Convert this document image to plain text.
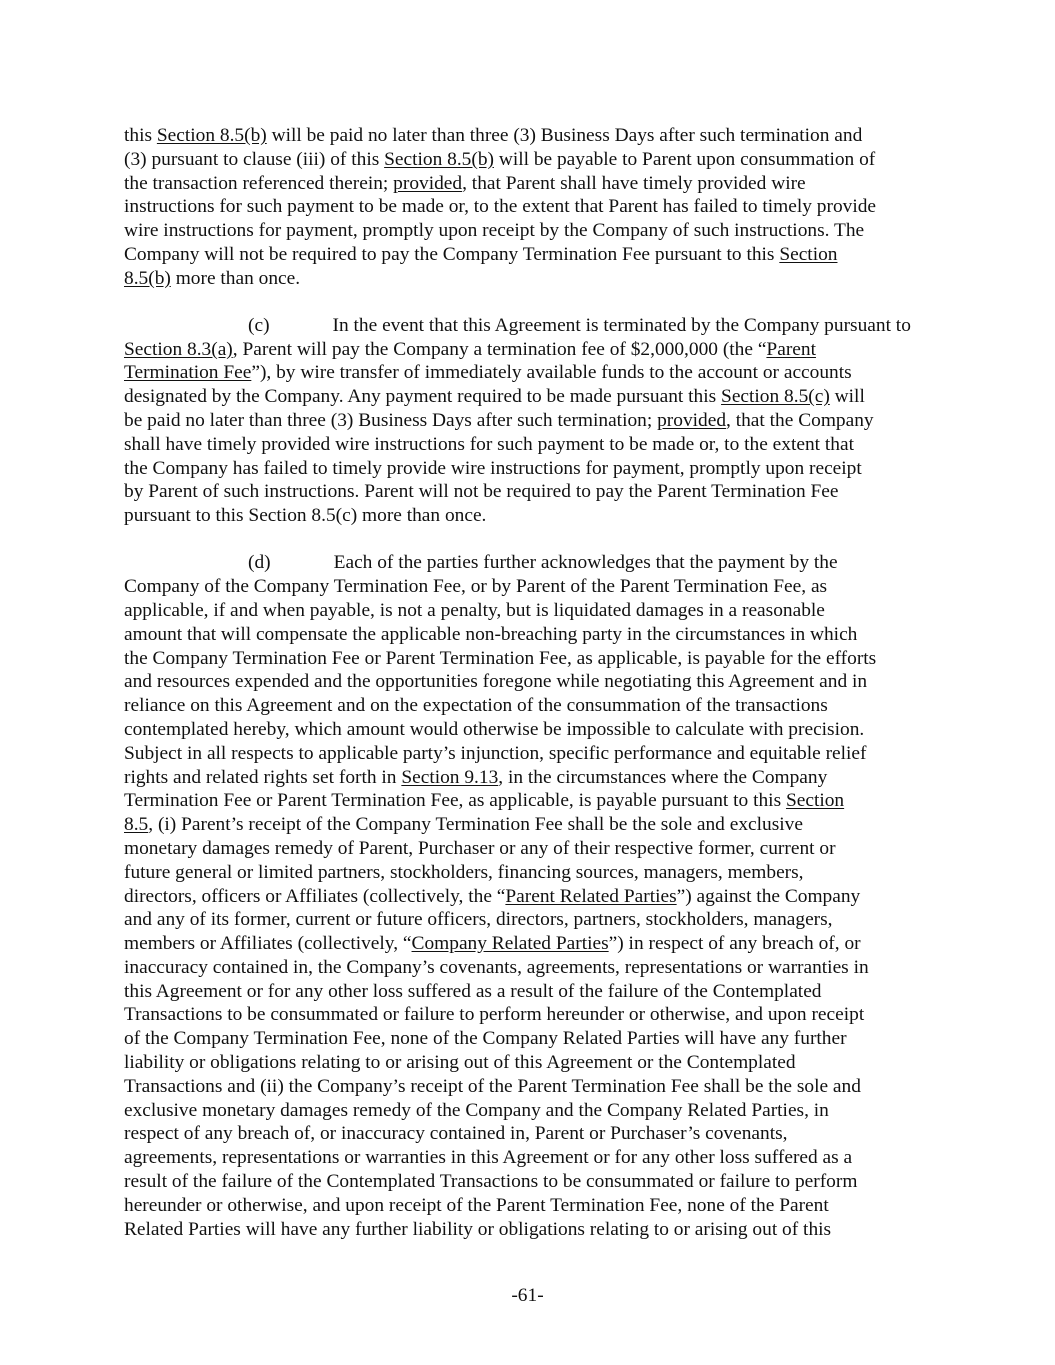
this Section 8.5(b) will be paid no later than three (3) Business Days after such termination and
(3) pursuant to clause (iii) of this Section 8.5(b) will be payable to Parent upon consummation of
the transaction referenced therein; provided, that Parent shall have timely provided wire
instructions for such payment to be made or, to the extent that Parent has failed to timely provide
wire instructions for payment, promptly upon receipt by the Company of such instructions. The
Company will not be required to pay the Company Termination Fee pursuant to this Section
8.5(b) more than once.
(c)	In the event that this Agreement is terminated by the Company pursuant to
Section 8.3(a), Parent will pay the Company a termination fee of $2,000,000 (the “Parent
Termination Fee”), by wire transfer of immediately available funds to the account or accounts
designated by the Company. Any payment required to be made pursuant this Section 8.5(c) will
be paid no later than three (3) Business Days after such termination; provided, that the Company
shall have timely provided wire instructions for such payment to be made or, to the extent that
the Company has failed to timely provide wire instructions for payment, promptly upon receipt
by Parent of such instructions. Parent will not be required to pay the Parent Termination Fee
pursuant to this Section 8.5(c) more than once.
(d)	Each of the parties further acknowledges that the payment by the
Company of the Company Termination Fee, or by Parent of the Parent Termination Fee, as
applicable, if and when payable, is not a penalty, but is liquidated damages in a reasonable
amount that will compensate the applicable non-breaching party in the circumstances in which
the Company Termination Fee or Parent Termination Fee, as applicable, is payable for the efforts
and resources expended and the opportunities foregone while negotiating this Agreement and in
reliance on this Agreement and on the expectation of the consummation of the transactions
contemplated hereby, which amount would otherwise be impossible to calculate with precision.
Subject in all respects to applicable party’s injunction, specific performance and equitable relief
rights and related rights set forth in Section 9.13, in the circumstances where the Company
Termination Fee or Parent Termination Fee, as applicable, is payable pursuant to this Section
8.5, (i) Parent’s receipt of the Company Termination Fee shall be the sole and exclusive
monetary damages remedy of Parent, Purchaser or any of their respective former, current or
future general or limited partners, stockholders, financing sources, managers, members,
directors, officers or Affiliates (collectively, the “Parent Related Parties”) against the Company
and any of its former, current or future officers, directors, partners, stockholders, managers,
members or Affiliates (collectively, “Company Related Parties”) in respect of any breach of, or
inaccuracy contained in, the Company’s covenants, agreements, representations or warranties in
this Agreement or for any other loss suffered as a result of the failure of the Contemplated
Transactions to be consummated or failure to perform hereunder or otherwise, and upon receipt
of the Company Termination Fee, none of the Company Related Parties will have any further
liability or obligations relating to or arising out of this Agreement or the Contemplated
Transactions and (ii) the Company’s receipt of the Parent Termination Fee shall be the sole and
exclusive monetary damages remedy of the Company and the Company Related Parties, in
respect of any breach of, or inaccuracy contained in, Parent or Purchaser’s covenants,
agreements, representations or warranties in this Agreement or for any other loss suffered as a
result of the failure of the Contemplated Transactions to be consummated or failure to perform
hereunder or otherwise, and upon receipt of the Parent Termination Fee, none of the Parent
Related Parties will have any further liability or obligations relating to or arising out of this
-61-
